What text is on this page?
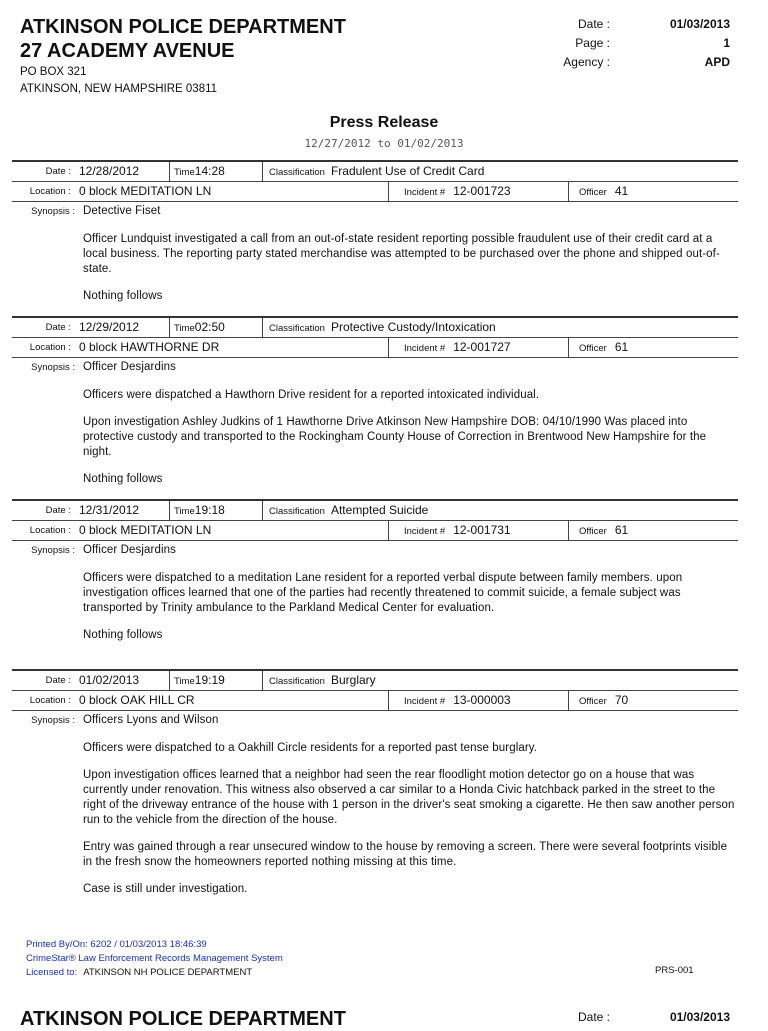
ATKINSON POLICE DEPARTMENT
27 ACADEMY AVENUE
PO BOX 321
ATKINSON, NEW HAMPSHIRE 03811
Date :	01/03/2013
Page :	1
Agency :	APD
Press Release
12/27/2012 to 01/02/2013
Date : 12/28/2012	Time14:28	Classification Fradulent Use of Credit Card
Location : 0 block MEDITATION LN	Incident # 12-001723	Officer 41
Synopsis : Detective Fiset

Officer Lundquist investigated a call from an out-of-state resident reporting possible fraudulent use of their credit card at a local business. The reporting party stated merchandise was attempted to be purchased over the phone and shipped out-of-state.

Nothing follows

Date : 12/29/2012	Time02:50	Classification Protective Custody/Intoxication
Location : 0 block HAWTHORNE DR	Incident # 12-001727	Officer 61
Synopsis : Officer Desjardins

Officers were dispatched a Hawthorn Drive resident for a reported intoxicated individual.

Upon investigation Ashley Judkins of 1 Hawthorne Drive Atkinson New Hampshire DOB: 04/10/1990 Was placed into protective custody and transported to the Rockingham County House of Correction in Brentwood New Hampshire for the night.

Nothing follows

Date : 12/31/2012	Time19:18	Classification Attempted Suicide
Location : 0 block MEDITATION LN	Incident # 12-001731	Officer 61
Synopsis : Officer Desjardins

Officers were dispatched to a meditation Lane resident for a reported verbal dispute between family members. upon investigation offices learned that one of the parties had recently threatened to commit suicide, a female subject was transported by Trinity ambulance to the Parkland Medical Center for evaluation.

Nothing follows

Date : 01/02/2013	Time19:19	Classification Burglary
Location : 0 block OAK HILL CR	Incident # 13-000003	Officer 70
Synopsis : Officers Lyons and Wilson

Officers were dispatched to a Oakhill Circle residents for a reported past tense burglary.

Upon investigation offices learned that a neighbor had seen the rear floodlight motion detector go on a house that was currently under renovation. This witness also observed a car similar to a Honda Civic hatchback parked in the street to the right of the driveway entrance of the house with 1 person in the driver's seat smoking a cigarette. He then saw another person run to the vehicle from the direction of the house.

Entry was gained through a rear unsecured window to the house by removing a screen. There were several footprints visible in the fresh snow the homeowners reported nothing missing at this time.

Case is still under investigation.

Printed By/On: 6202 / 01/03/2013 18:46:39
CrimeStar® Law Enforcement Records Management System
Licensed to: ATKINSON NH POLICE DEPARTMENT	PRS-001
ATKINSON POLICE DEPARTMENT	Date :	01/03/2013
